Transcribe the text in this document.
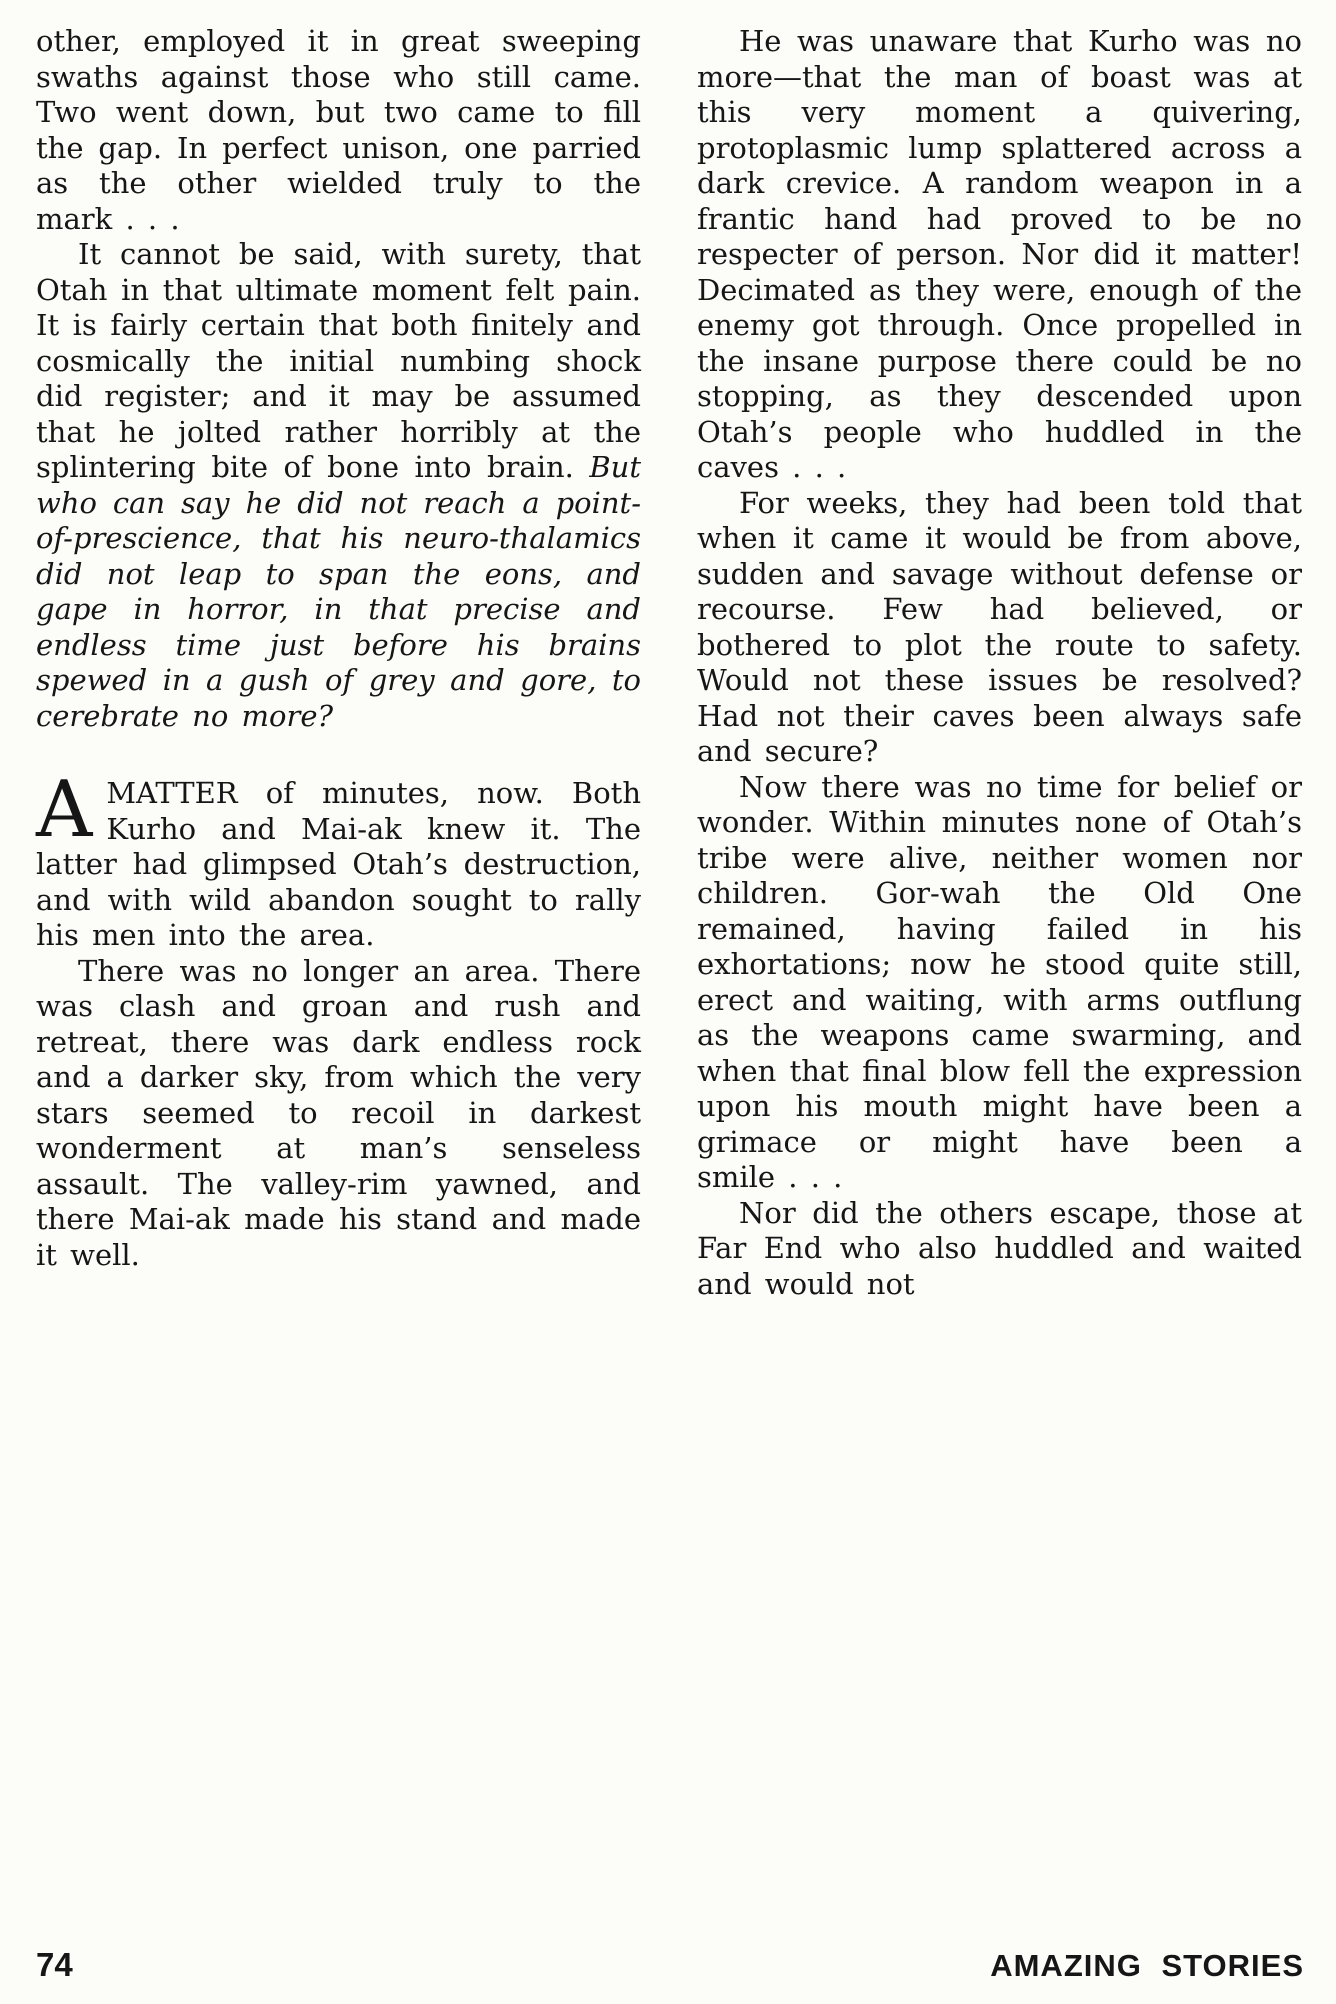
other, employed it in great sweeping swaths against those who still came. Two went down, but two came to fill the gap. In perfect unison, one parried as the other wielded truly to the mark . . .

It cannot be said, with surety, that Otah in that ultimate moment felt pain. It is fairly certain that both finitely and cosmically the initial numbing shock did register; and it may be assumed that he jolted rather horribly at the splintering bite of bone into brain. But who can say he did not reach a point-of-prescience, that his neuro-thalamics did not leap to span the eons, and gape in horror, in that precise and endless time just before his brains spewed in a gush of grey and gore, to cerebrate no more?

AMATTER of minutes, now. Both Kurho and Mai-ak knew it. The latter had glimpsed Otah’s destruction, and with wild abandon sought to rally his men into the area.

There was no longer an area. There was clash and groan and rush and retreat, there was dark endless rock and a darker sky, from which the very stars seemed to recoil in darkest wonderment at man’s senseless assault. The valley-rim yawned, and there Mai-ak made his stand and made it well.

He was unaware that Kurho was no more—that the man of boast was at this very moment a quivering, protoplasmic lump splattered across a dark crevice. A random weapon in a frantic hand had proved to be no respecter of person. Nor did it matter! Decimated as they were, enough of the enemy got through. Once propelled in the insane purpose there could be no stopping, as they descended upon Otah’s people who huddled in the caves . . .

For weeks, they had been told that when it came it would be from above, sudden and savage without defense or recourse. Few had believed, or bothered to plot the route to safety. Would not these issues be resolved? Had not their caves been always safe and secure?

Now there was no time for belief or wonder. Within minutes none of Otah’s tribe were alive, neither women nor children. Gor-wah the Old One remained, having failed in his exhortations; now he stood quite still, erect and waiting, with arms outflung as the weapons came swarming, and when that final blow fell the expression upon his mouth might have been a grimace or might have been a smile . . .

Nor did the others escape, those at Far End who also huddled and waited and would not

74	AMAZING STORIES
